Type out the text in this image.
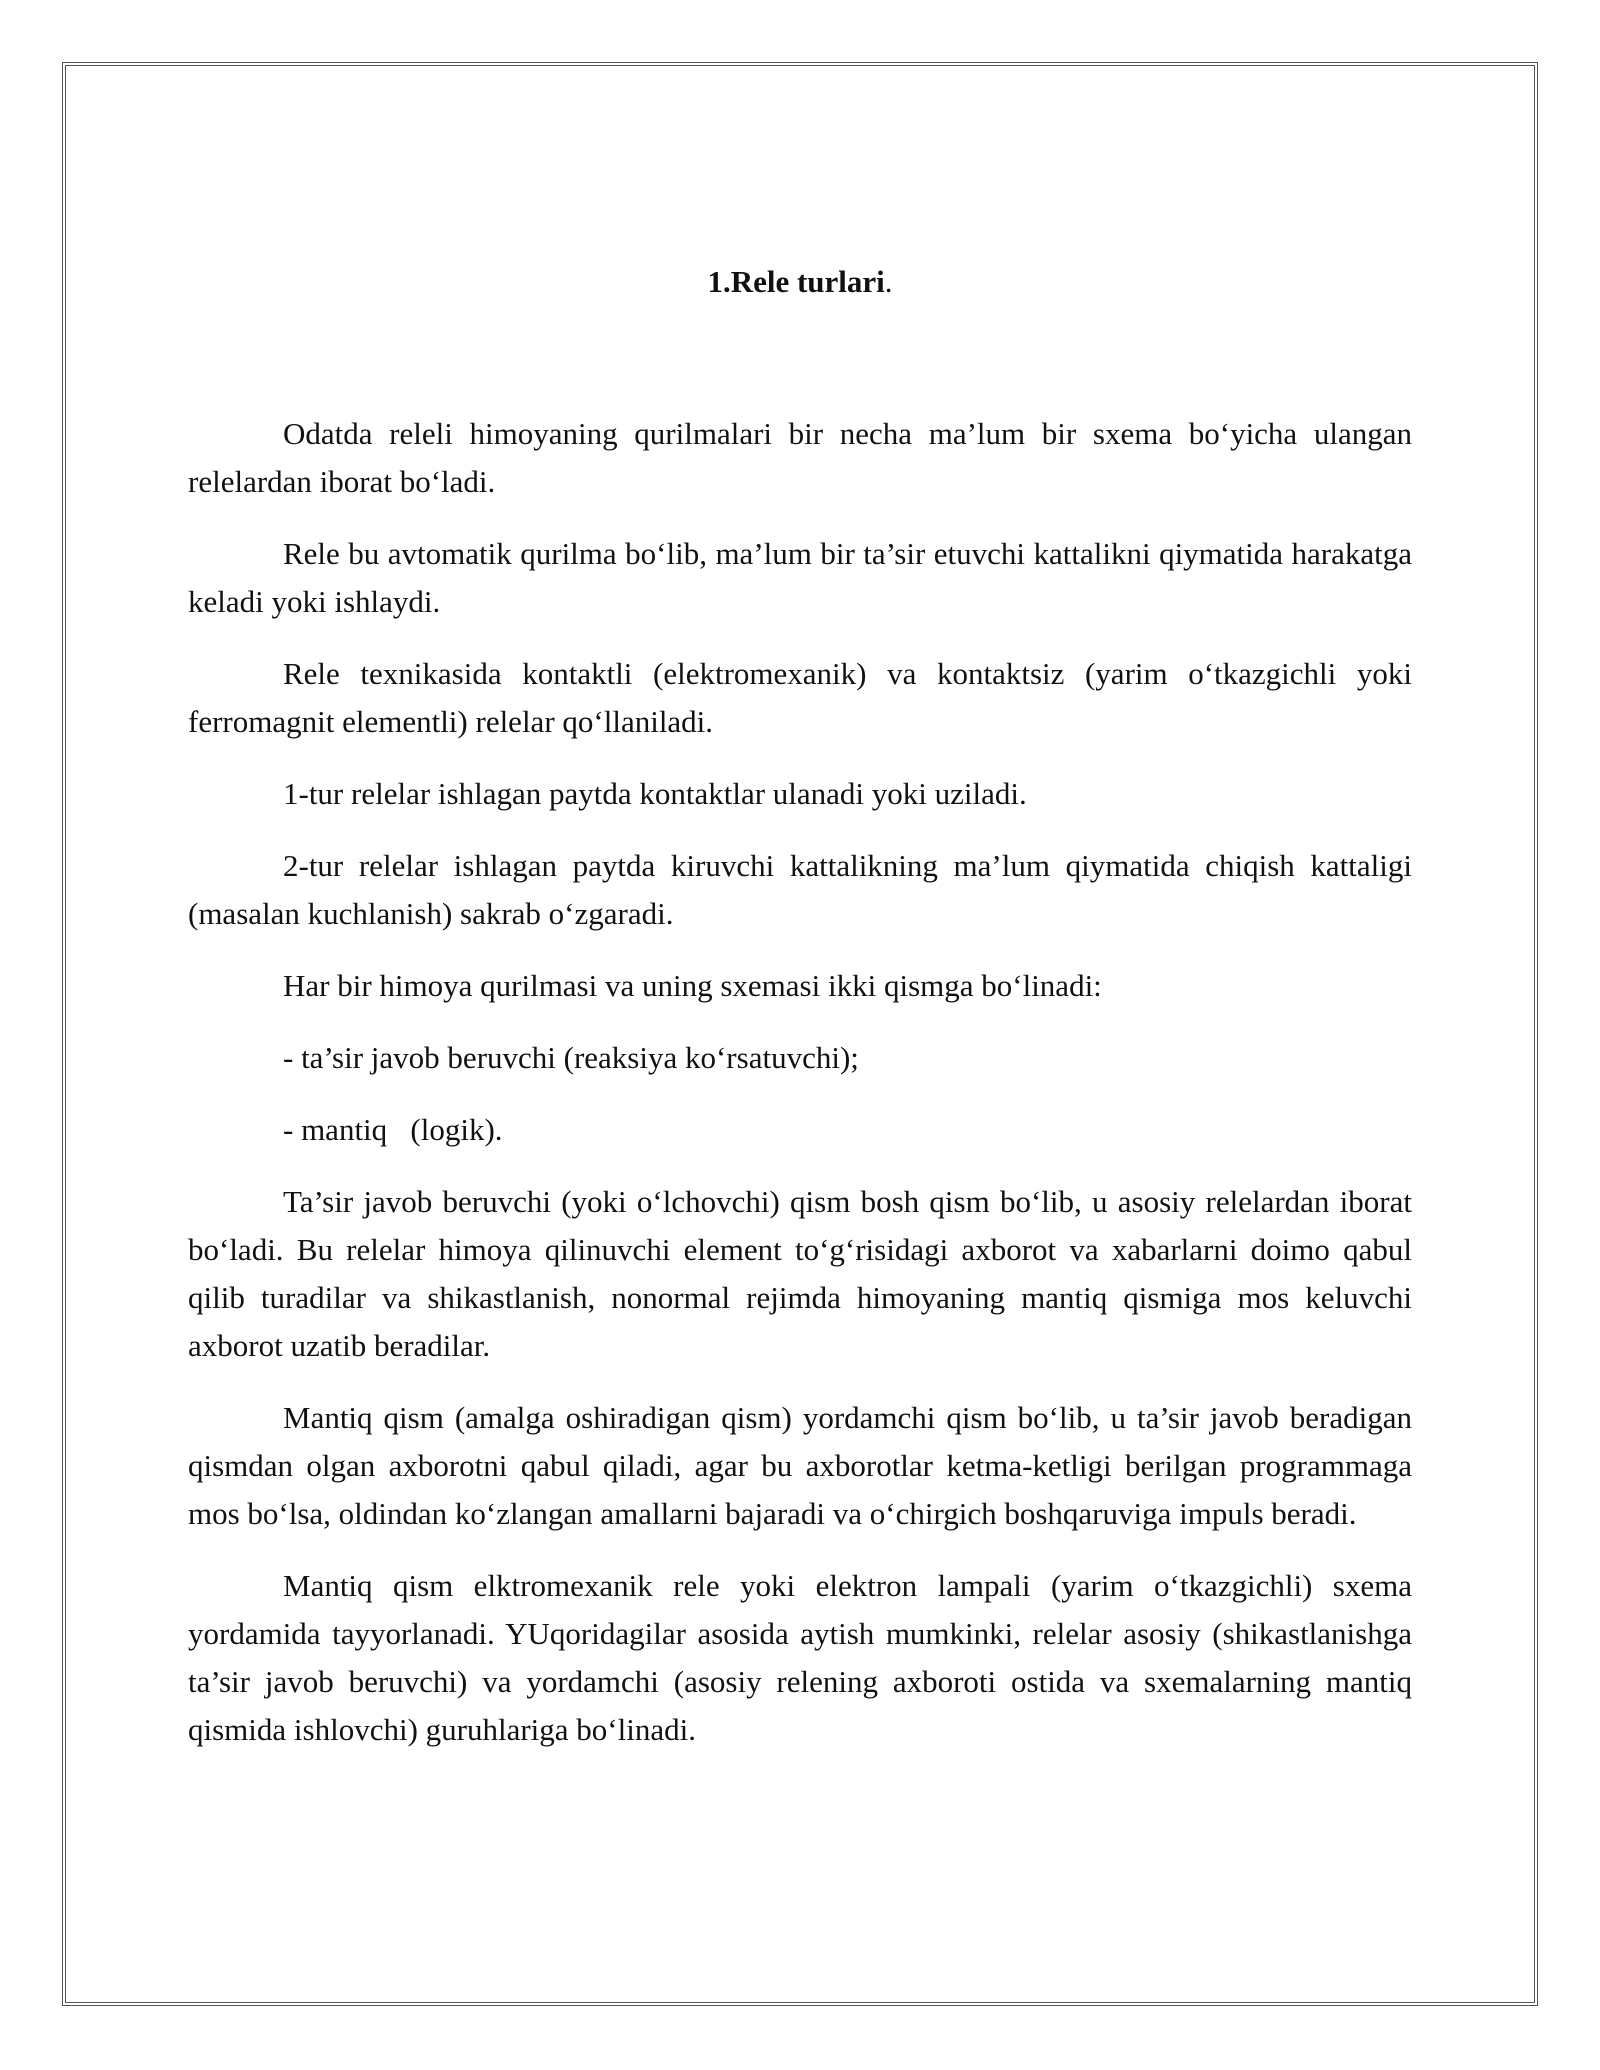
1.Rele turlari.

Odatda releli himoyaning qurilmalari bir necha ma’lum bir sxema bo‘yicha ulangan relelardan iborat bo‘ladi.

Rele bu avtomatik qurilma bo‘lib, ma’lum bir ta’sir etuvchi kattalikni qiymatida harakatga keladi yoki ishlaydi.

Rele texnikasida kontaktli (elektromexanik) va kontaktsiz (yarim o‘tkazgichli yoki ferromagnit elementli) relelar qo‘llaniladi.

1-tur relelar ishlagan paytda kontaktlar ulanadi yoki uziladi.

2-tur relelar ishlagan paytda kiruvchi kattalikning ma’lum qiymatida chiqish kattaligi (masalan kuchlanish) sakrab o‘zgaradi.

Har bir himoya qurilmasi va uning sxemasi ikki qismga bo‘linadi:

- ta’sir javob beruvchi (reaksiya ko‘rsatuvchi);

- mantiq   (logik).

Ta’sir javob beruvchi (yoki o‘lchovchi) qism bosh qism bo‘lib, u asosiy relelardan iborat bo‘ladi. Bu relelar himoya qilinuvchi element to‘g‘risidagi axborot va xabarlarni doimo qabul qilib turadilar va shikastlanish, nonormal rejimda himoyaning mantiq qismiga mos keluvchi axborot uzatib beradilar.

Mantiq qism (amalga oshiradigan qism) yordamchi qism bo‘lib, u ta’sir javob beradigan qismdan olgan axborotni qabul qiladi, agar bu axborotlar ketma-ketligi berilgan programmaga mos bo‘lsa, oldindan ko‘zlangan amallarni bajaradi va o‘chirgich boshqaruviga impuls beradi.

Mantiq qism elktromexanik rele yoki elektron lampali (yarim o‘tkazgichli) sxema yordamida tayyorlanadi. YUqoridagilar asosida aytish mumkinki, relelar asosiy (shikastlanishga ta’sir javob beruvchi) va yordamchi (asosiy relening axboroti ostida va sxemalarning mantiq qismida ishlovchi) guruhlariga bo‘linadi.
